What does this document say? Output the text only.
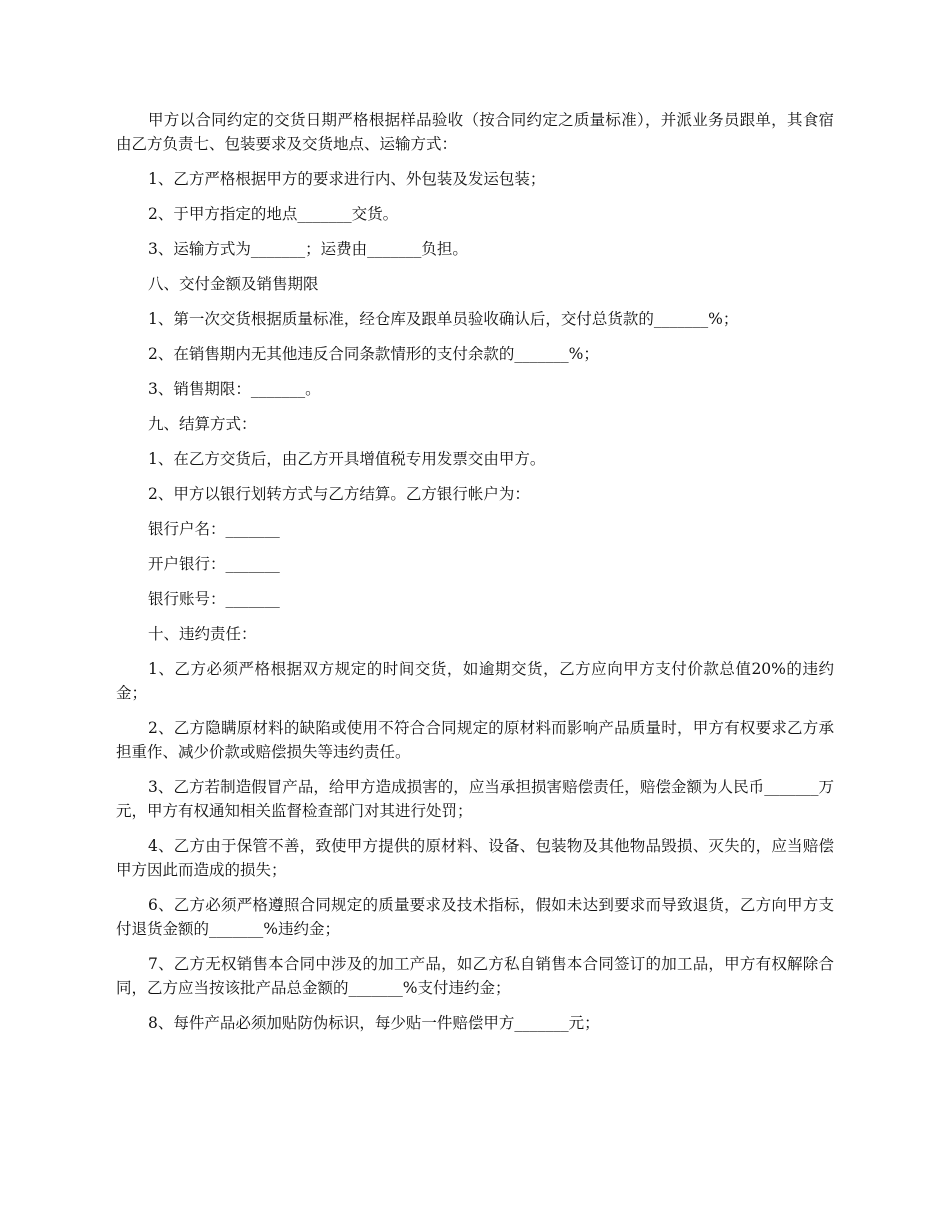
甲方以合同约定的交货日期严格根据样品验收（按合同约定之质量标准），并派业务员跟单，其食宿由乙方负责七、包装要求及交货地点、运输方式：

1、乙方严格根据甲方的要求进行内、外包装及发运包装；

2、于甲方指定的地点_______交货。

3、运输方式为_______；运费由_______负担。

八、交付金额及销售期限

1、第一次交货根据质量标准，经仓库及跟单员验收确认后，交付总货款的_______%；

2、在销售期内无其他违反合同条款情形的支付余款的_______%；

3、销售期限：_______。

九、结算方式：

1、在乙方交货后，由乙方开具增值税专用发票交由甲方。

2、甲方以银行划转方式与乙方结算。乙方银行帐户为：

银行户名：_______

开户银行：_______

银行账号：_______

十、违约责任：

1、乙方必须严格根据双方规定的时间交货，如逾期交货，乙方应向甲方支付价款总值20%的违约金；

2、乙方隐瞒原材料的缺陷或使用不符合合同规定的原材料而影响产品质量时，甲方有权要求乙方承担重作、减少价款或赔偿损失等违约责任。

3、乙方若制造假冒产品，给甲方造成损害的，应当承担损害赔偿责任，赔偿金额为人民币_______万元，甲方有权通知相关监督检查部门对其进行处罚；

4、乙方由于保管不善，致使甲方提供的原材料、设备、包装物及其他物品毁损、灭失的，应当赔偿甲方因此而造成的损失；

6、乙方必须严格遵照合同规定的质量要求及技术指标，假如未达到要求而导致退货，乙方向甲方支付退货金额的_______%违约金；

7、乙方无权销售本合同中涉及的加工产品，如乙方私自销售本合同签订的加工品，甲方有权解除合同，乙方应当按该批产品总金额的_______%支付违约金；

8、每件产品必须加贴防伪标识，每少贴一件赔偿甲方_______元；
